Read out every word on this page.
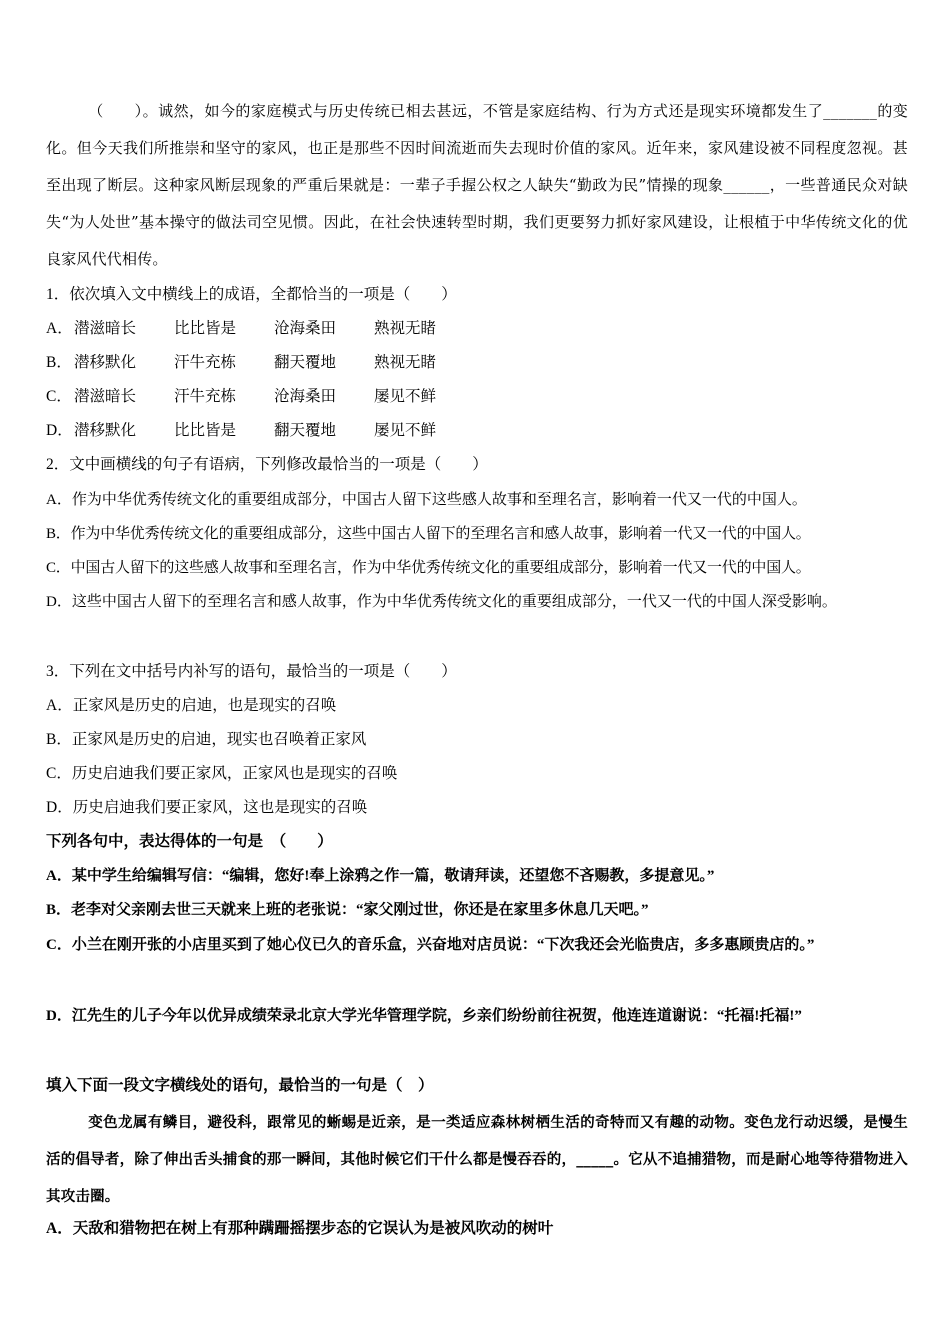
（　　）。诚然，如今的家庭模式与历史传统已相去甚远，不管是家庭结构、行为方式还是现实环境都发生了_______的变化。但今天我们所推崇和坚守的家风，也正是那些不因时间流逝而失去现时价值的家风。近年来，家风建设被不同程度忽视。甚至出现了断层。这种家风断层现象的严重后果就是：一辈子手握公权之人缺失“勤政为民”情操的现象______，一些普通民众对缺失“为人处世”基本操守的做法司空见惯。因此，在社会快速转型时期，我们更要努力抓好家风建设，让根植于中华传统文化的优良家风代代相传。
1．依次填入文中横线上的成语，全都恰当的一项是（　　）
A．潜滋暗长 比比皆是 沧海桑田 熟视无睹
B． 潜移默化 汗牛充栋 翻天覆地 熟视无睹
C． 潜滋暗长 汗牛充栋 沧海桑田 屡见不鲜
D．潜移默化 比比皆是 翻天覆地 屡见不鲜
2．文中画横线的句子有语病，下列修改最恰当的一项是（　　）
A．作为中华优秀传统文化的重要组成部分，中国古人留下这些感人故事和至理名言，影响着一代又一代的中国人。
B．作为中华优秀传统文化的重要组成部分，这些中国古人留下的至理名言和感人故事，影响着一代又一代的中国人。
C．中国古人留下的这些感人故事和至理名言，作为中华优秀传统文化的重要组成部分，影响着一代又一代的中国人。
D．这些中国古人留下的至理名言和感人故事，作为中华优秀传统文化的重要组成部分，一代又一代的中国人深受影响。
3．下列在文中括号内补写的语句，最恰当的一项是（　　）
A．正家风是历史的启迪，也是现实的召唤
B．正家风是历史的启迪，现实也召唤着正家风
C．历史启迪我们要正家风，正家风也是现实的召唤
D．历史启迪我们要正家风，这也是现实的召唤
下列各句中，表达得体的一句是　（　　）
A．某中学生给编辑写信：“编辑，您好!奉上涂鸦之作一篇，敬请拜读，还望您不吝赐教，多提意见。”
B．老李对父亲刚去世三天就来上班的老张说：“家父刚过世，你还是在家里多休息几天吧。”
C．小兰在刚开张的小店里买到了她心仪已久的音乐盒，兴奋地对店员说：“下次我还会光临贵店，多多惠顾贵店的。”
D．江先生的儿子今年以优异成绩荣录北京大学光华管理学院，乡亲们纷纷前往祝贺，他连连道谢说：“托福!托福!”
填入下面一段文字横线处的语句，最恰当的一句是（　）
变色龙属有鳞目，避役科，跟常见的蜥蜴是近亲，是一类适应森林树栖生活的奇特而又有趣的动物。变色龙行动迟缓，是慢生活的倡导者，除了伸出舌头捕食的那一瞬间，其他时候它们干什么都是慢吞吞的，_____。它从不追捕猎物，而是耐心地等待猎物进入其攻击圈。
A．天敌和猎物把在树上有那种蹒跚摇摆步态的它误认为是被风吹动的树叶
